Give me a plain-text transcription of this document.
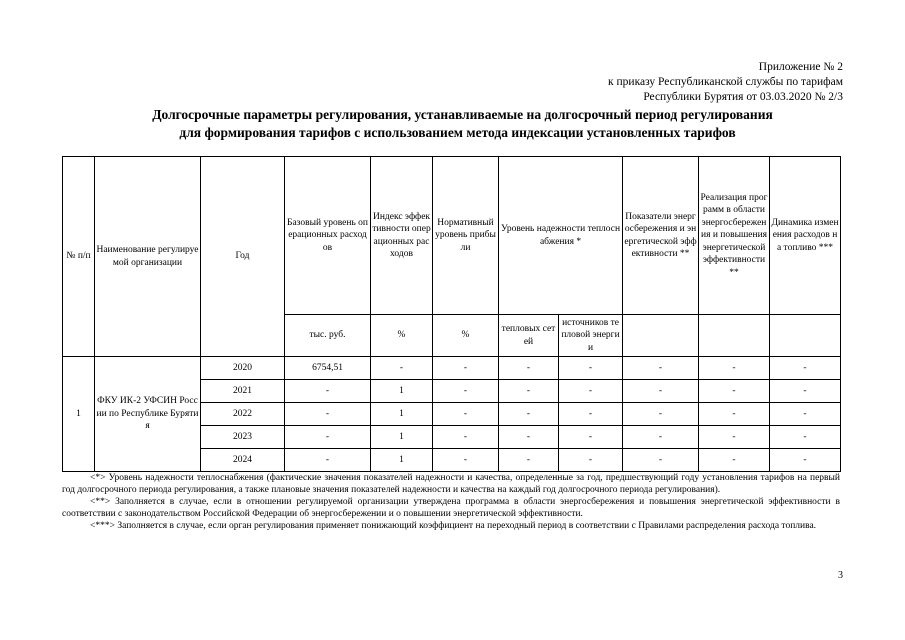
Приложение № 2
к приказу Республиканской службы по тарифам
Республики Бурятия от 03.03.2020 № 2/3
Долгосрочные параметры регулирования, устанавливаемые на долгосрочный период регулирования
для формирования тарифов с использованием метода индексации установленных тарифов
№ п/п	Наименование регулируемой организации	Год	Базовый уровень операционных расходов	Индекс эффективности операционных расходов	Нормативный уровень прибыли	Уровень надежности теплоснабжения *		Показатели энергосбережения и энергетической эффективности **	Реализация программ в области энергосбережения и повышения энергетической эффективности **	Динамика изменения расходов на топливо ***
			тыс. руб.	%	%	тепловых сетей	источников тепловой энергии			
1	ФКУ ИК-2 УФСИН России по Республике Бурятия	2020	6754,51	-	-	-	-	-	-	-
		2021	-	1	-	-	-	-	-	-
		2022	-	1	-	-	-	-	-	-
		2023	-	1	-	-	-	-	-	-
		2024	-	1	-	-	-	-	-	-

<*> Уровень надежности теплоснабжения (фактические значения показателей надежности и качества, определенные за год, предшествующий году установления тарифов на первый год долгосрочного периода регулирования, а также плановые значения показателей надежности и качества на каждый год долгосрочного периода регулирования).

<**> Заполняется в случае, если в отношении регулируемой организации утверждена программа в области энергосбережения и повышения энергетической эффективности в соответствии с законодательством Российской Федерации об энергосбережении и о повышении энергетической эффективности.

<***> Заполняется в случае, если орган регулирования применяет понижающий коэффициент на переходный период в соответствии с Правилами распределения расхода топлива.

3
